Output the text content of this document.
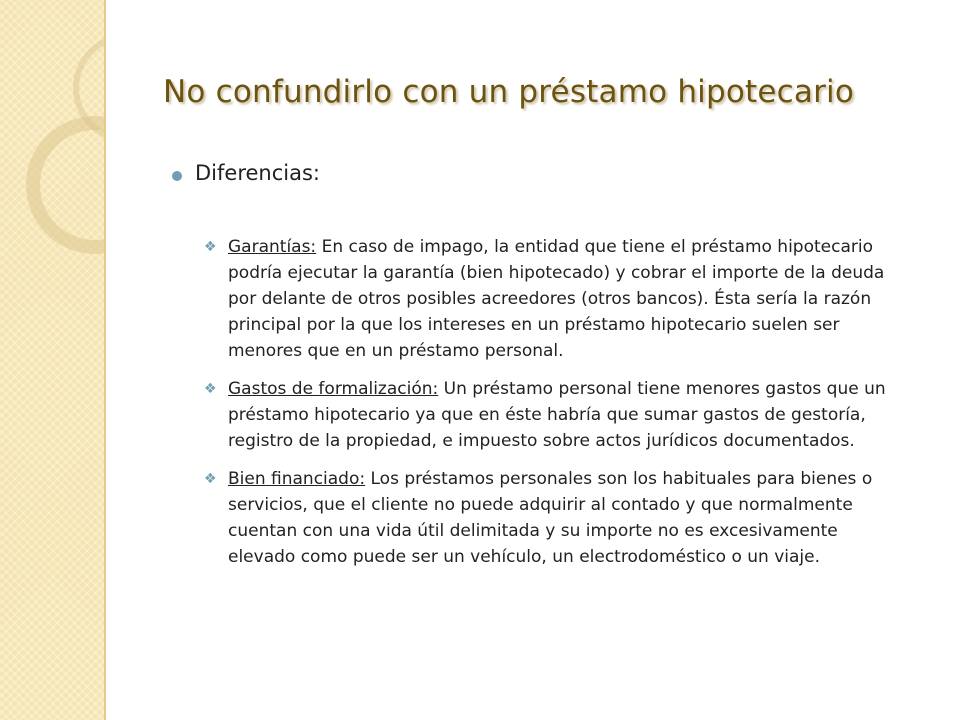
No confundirlo con un préstamo hipotecario
Diferencias:
❖ Garantías: En caso de impago, la entidad que tiene el préstamo hipotecario podría ejecutar la garantía (bien hipotecado) y cobrar el importe de la deuda por delante de otros posibles acreedores (otros bancos). Ésta sería la razón principal por la que los intereses en un préstamo hipotecario suelen ser menores que en un préstamo personal.
❖ Gastos de formalización: Un préstamo personal tiene menores gastos que un préstamo hipotecario ya que en éste habría que sumar gastos de gestoría, registro de la propiedad, e impuesto sobre actos jurídicos documentados.
❖ Bien financiado: Los préstamos personales son los habituales para bienes o servicios, que el cliente no puede adquirir al contado y que normalmente cuentan con una vida útil delimitada y su importe no es excesivamente elevado como puede ser un vehículo, un electrodoméstico o un viaje.
